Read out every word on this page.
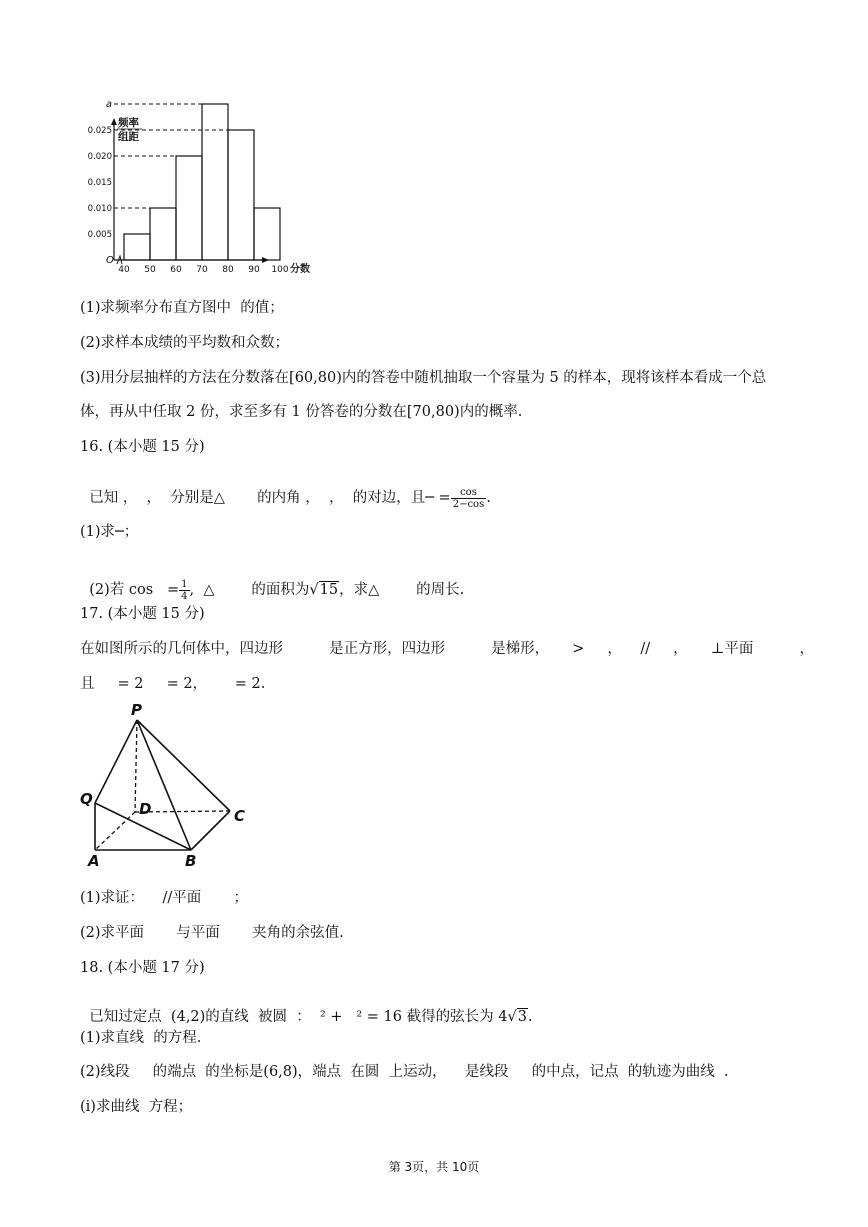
频率
组距
O
0.005
0.010
0.015
0.020
0.025
a
40 50 60 70 80 90 100 分数
(1)求频率分布直方图中  的值；
(2)求样本成绩的平均数和众数；
(3)用分层抽样的方法在分数落在[60,80)内的答卷中随机抽取一个容量为 5 的样本，现将该样本看成一个总
体，再从中任取 2 份，求至多有 1 份答卷的分数在[70,80)内的概率.
16. (本小题 15 分)

已知 ，  ，  分别是△       的内角 ，  ，  的对边，且─ = $\frac{\cos}{2-\cos}$ .

(1)求─；

(2)若 $\cos = \frac{1}{4}$ ,  △        的面积为√15，求△        的周长.

17. (本小题 15 分)
在如图所示的几何体中，四边形          是正方形，四边形          是梯形，     >     ，    //     ，     ⊥平面          ，
且     = 2     = 2，      = 2.
P
Q
D	C
A	B
(1)求证：    //平面       ；
(2)求平面       与平面       夹角的余弦值.
18. (本小题 17 分)

已知过定点  (4,2)的直线  被圆  ：  ² +   ² = 16 截得的弦长为 4√3.

(1)求直线  的方程.
(2)线段     的端点  的坐标是(6,8)，端点  在圆  上运动，    是线段     的中点，记点  的轨迹为曲线  .
(i)求曲线  方程；
第 3页，共 10页
